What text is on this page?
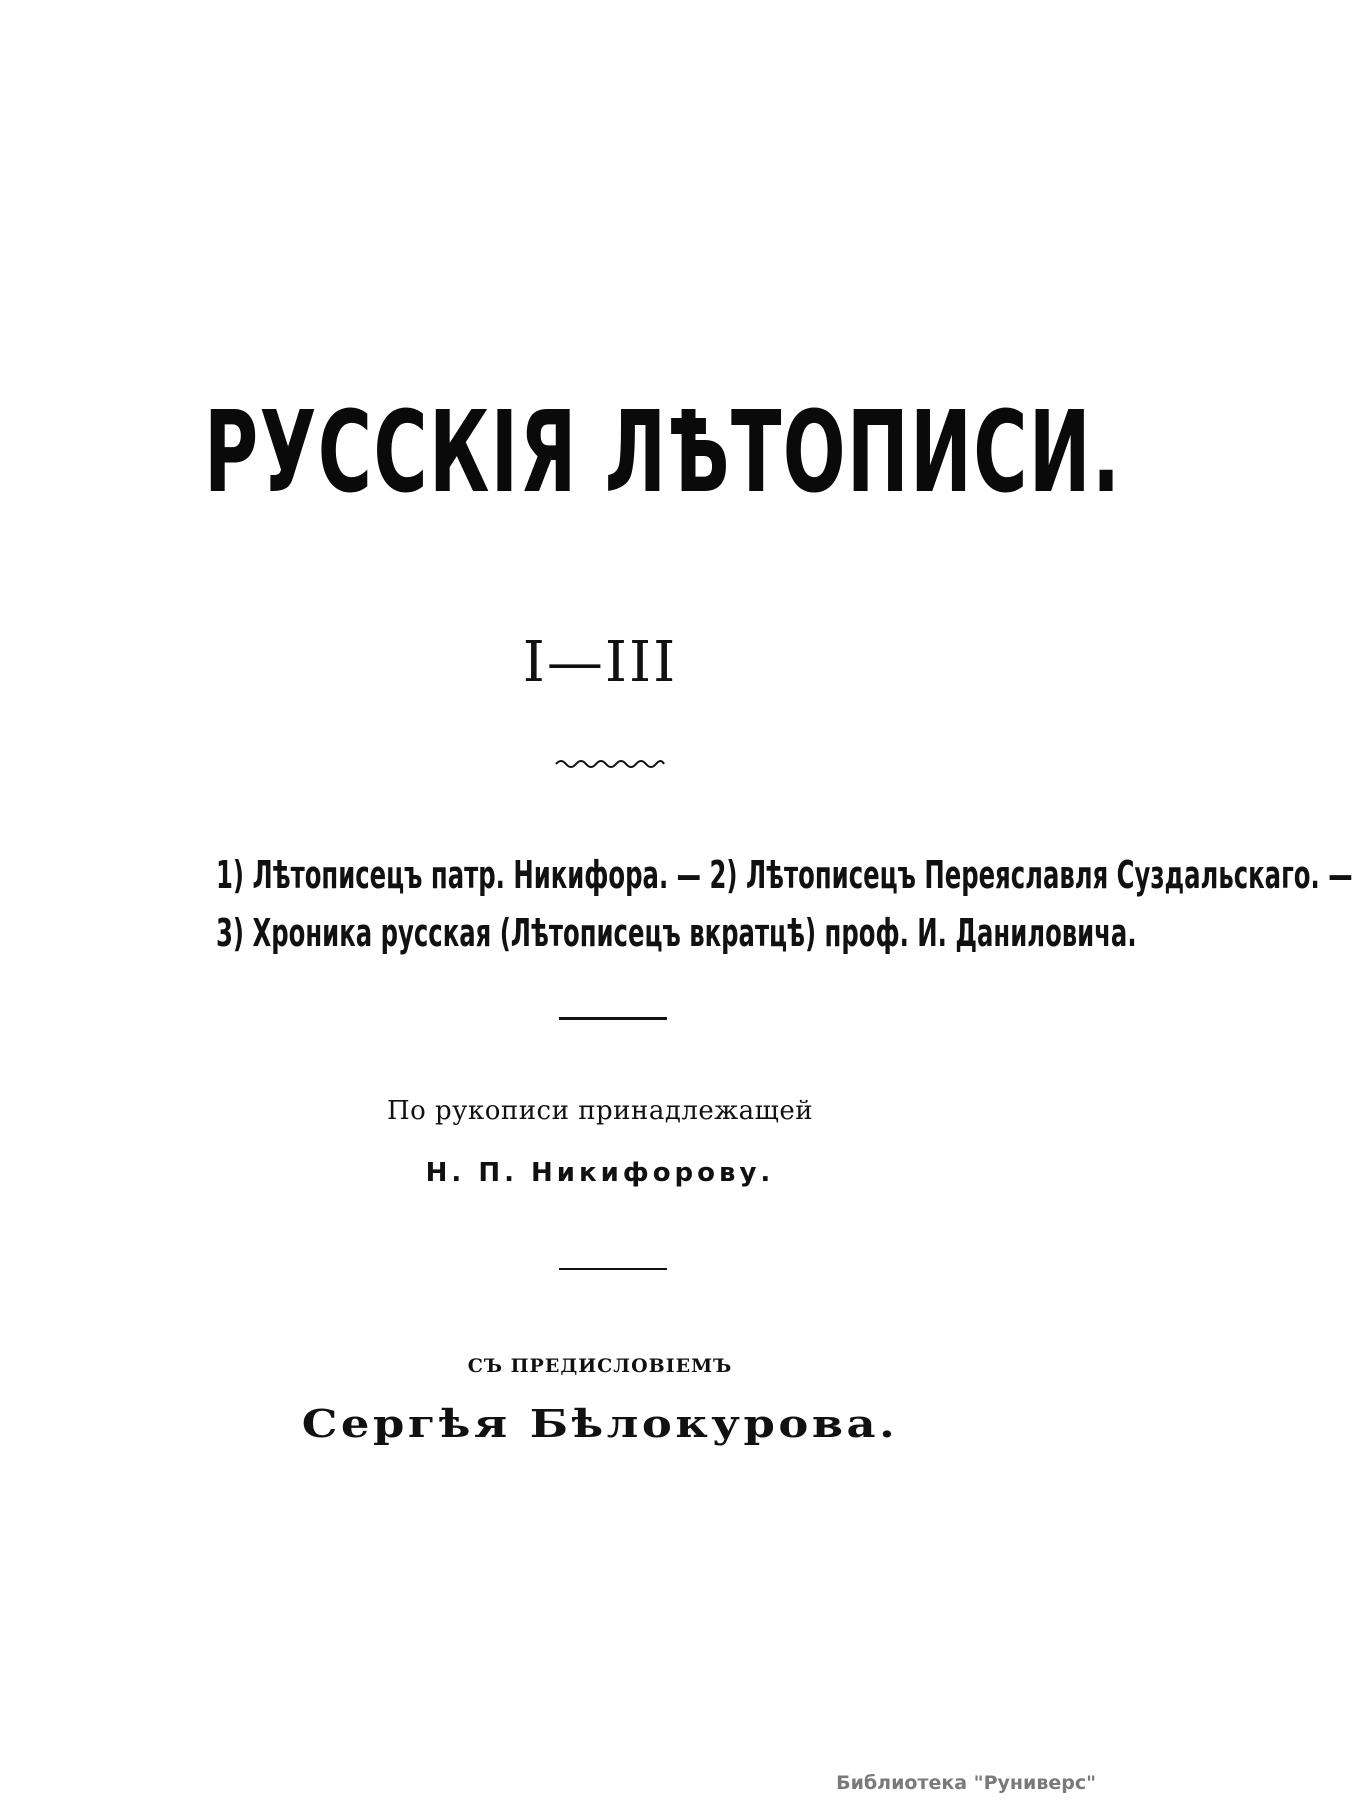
РУССКІЯ ЛѢТОПИСИ.
I—III
1) Лѣтописецъ патр. Никифора. — 2) Лѣтописецъ Переяславля Суздальскаго. —
3) Хроника русская (Лѣтописецъ вкратцѣ) проф. И. Даниловича.
По рукописи принадлежащей
Н. П. Никифорову.
СЪ ПРЕДИСЛОВІЕМЪ
Сергѣя Бѣлокурова.
Библиотека "Руниверс"
